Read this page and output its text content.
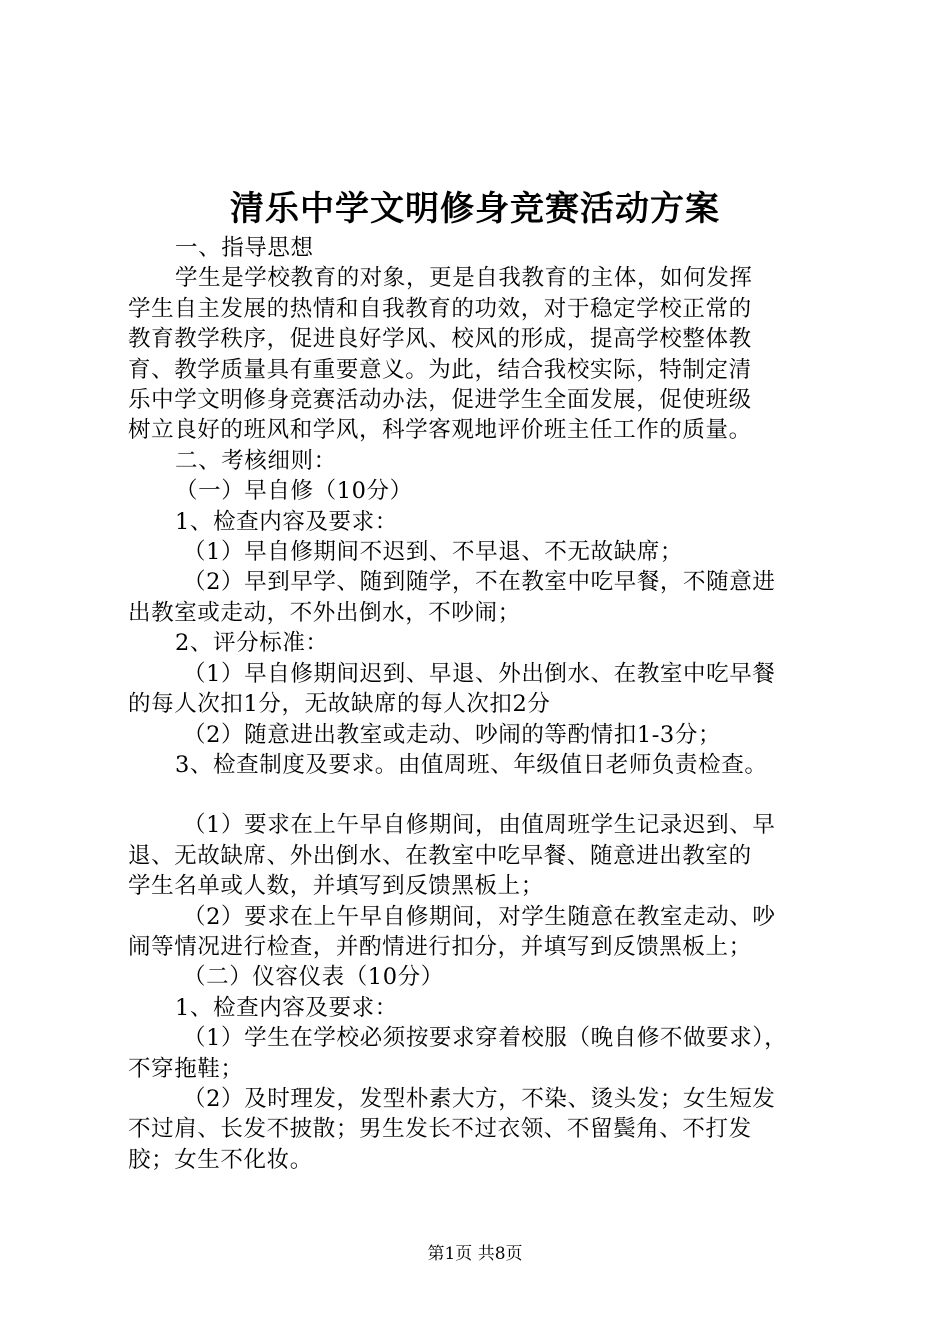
清乐中学文明修身竞赛活动方案

一、指导思想

学生是学校教育的对象，更是自我教育的主体，如何发挥

学生自主发展的热情和自我教育的功效，对于稳定学校正常的

教育教学秩序，促进良好学风、校风的形成，提高学校整体教

育、教学质量具有重要意义。为此，结合我校实际，特制定清

乐中学文明修身竞赛活动办法，促进学生全面发展，促使班级

树立良好的班风和学风，科学客观地评价班主任工作的质量。

二、考核细则：

（一）早自修（10分）

1、检查内容及要求：

（1）早自修期间不迟到、不早退、不无故缺席；

（2）早到早学、随到随学，不在教室中吃早餐，不随意进

出教室或走动，不外出倒水，不吵闹；

2、评分标准：

（1）早自修期间迟到、早退、外出倒水、在教室中吃早餐

的每人次扣1分，无故缺席的每人次扣2分

（2）随意进出教室或走动、吵闹的等酌情扣1-3分；

3、检查制度及要求。由值周班、年级值日老师负责检查。

（1）要求在上午早自修期间，由值周班学生记录迟到、早

退、无故缺席、外出倒水、在教室中吃早餐、随意进出教室的

学生名单或人数，并填写到反馈黑板上；

（2）要求在上午早自修期间，对学生随意在教室走动、吵

闹等情况进行检查，并酌情进行扣分，并填写到反馈黑板上；

（二）仪容仪表（10分）

1、检查内容及要求：

（1）学生在学校必须按要求穿着校服（晚自修不做要求），

不穿拖鞋；

（2）及时理发，发型朴素大方，不染、烫头发；女生短发

不过肩、长发不披散；男生发长不过衣领、不留鬓角、不打发

胶；女生不化妆。

第1页 共8页
